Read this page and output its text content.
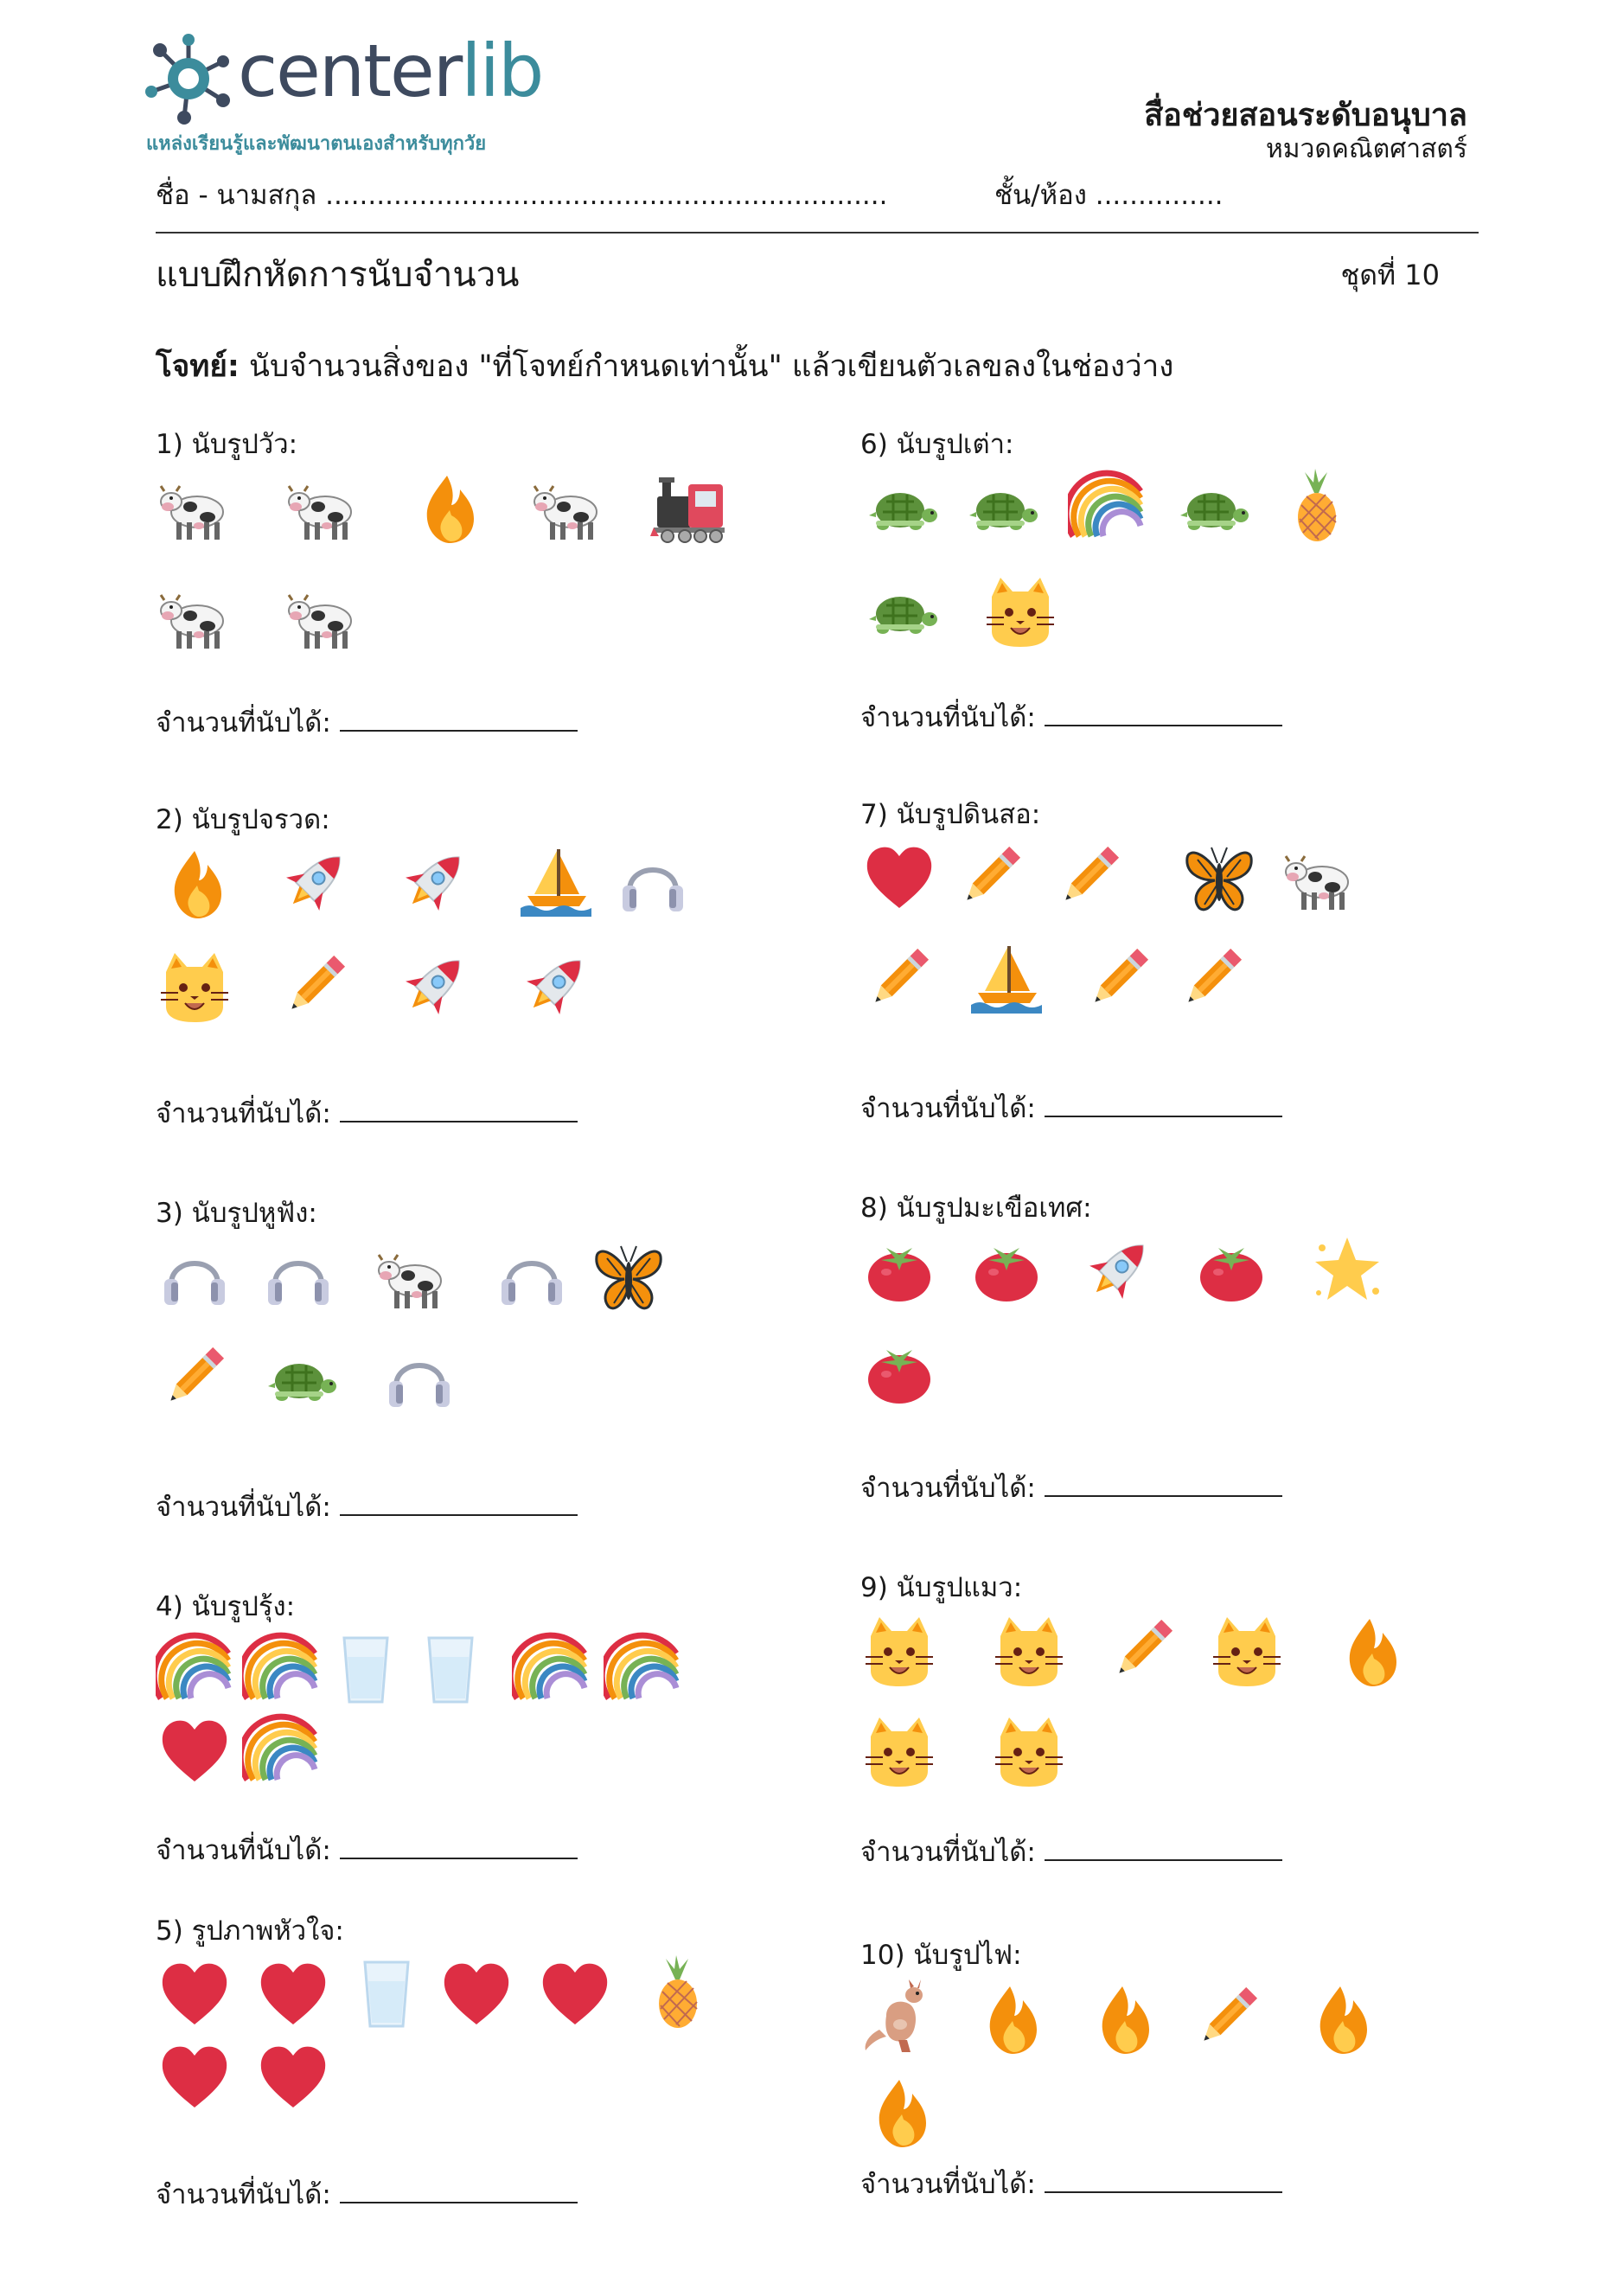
centerlib
แหล่งเรียนรู้และพัฒนาตนเองสำหรับทุกวัย
สื่อช่วยสอนระดับอนุบาล
หมวดคณิตศาสตร์
ชื่อ - นามสกุล ..................................................................	ชั้น/ห้อง ...............
แบบฝึกหัดการนับจำนวน	ชุดที่ 10
โจทย์: นับจำนวนสิ่งของ "ที่โจทย์กำหนดเท่านั้น" แล้วเขียนตัวเลขลงในช่องว่าง
1) นับรูปวัว:
จำนวนที่นับได้:
2) นับรูปจรวด:
จำนวนที่นับได้:
3) นับรูปหูฟัง:
จำนวนที่นับได้:
4) นับรูปรุ้ง:
จำนวนที่นับได้:
5) รูปภาพหัวใจ:
จำนวนที่นับได้:
6) นับรูปเต่า:
จำนวนที่นับได้:
7) นับรูปดินสอ:
จำนวนที่นับได้:
8) นับรูปมะเขือเทศ:
จำนวนที่นับได้:
9) นับรูปแมว:
จำนวนที่นับได้:
10) นับรูปไฟ:
จำนวนที่นับได้:
